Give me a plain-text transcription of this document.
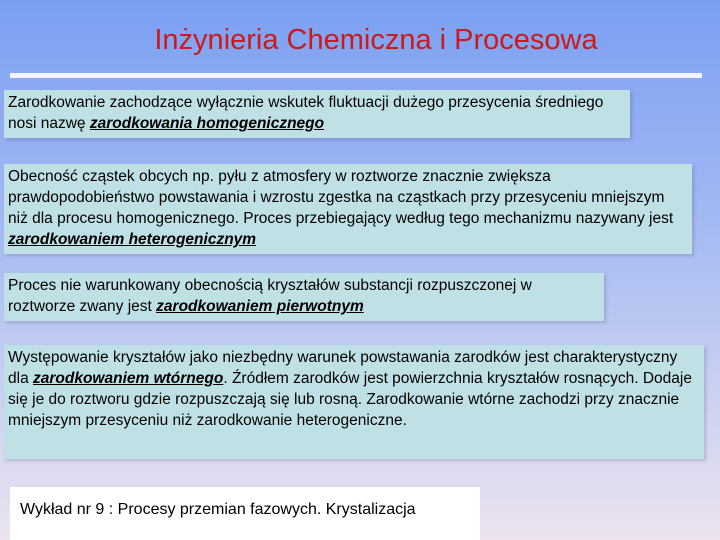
Inżynieria Chemiczna i Procesowa

Zarodkowanie zachodzące wyłącznie wskutek fluktuacji dużego przesycenia średniego nosi nazwę zarodkowania homogenicznego

Obecność cząstek obcych np. pyłu z atmosfery w roztworze znacznie zwiększa prawdopodobieństwo powstawania i wzrostu zgestka na cząstkach przy przesyceniu mniejszym niż dla procesu homogenicznego. Proces przebiegający według tego mechanizmu nazywany jest zarodkowaniem heterogenicznym

Proces nie warunkowany obecnością kryształów substancji rozpuszczonej w roztworze zwany jest zarodkowaniem pierwotnym

Występowanie kryształów jako niezbędny warunek powstawania zarodków jest charakterystyczny dla zarodkowaniem wtórnego. Źródłem zarodków jest powierzchnia kryształów rosnących. Dodaje się je do roztworu gdzie rozpuszczają się lub rosną. Zarodkowanie wtórne zachodzi przy znacznie mniejszym przesyceniu niż zarodkowanie heterogeniczne.

Wykład nr 9 : Procesy przemian fazowych. Krystalizacja
